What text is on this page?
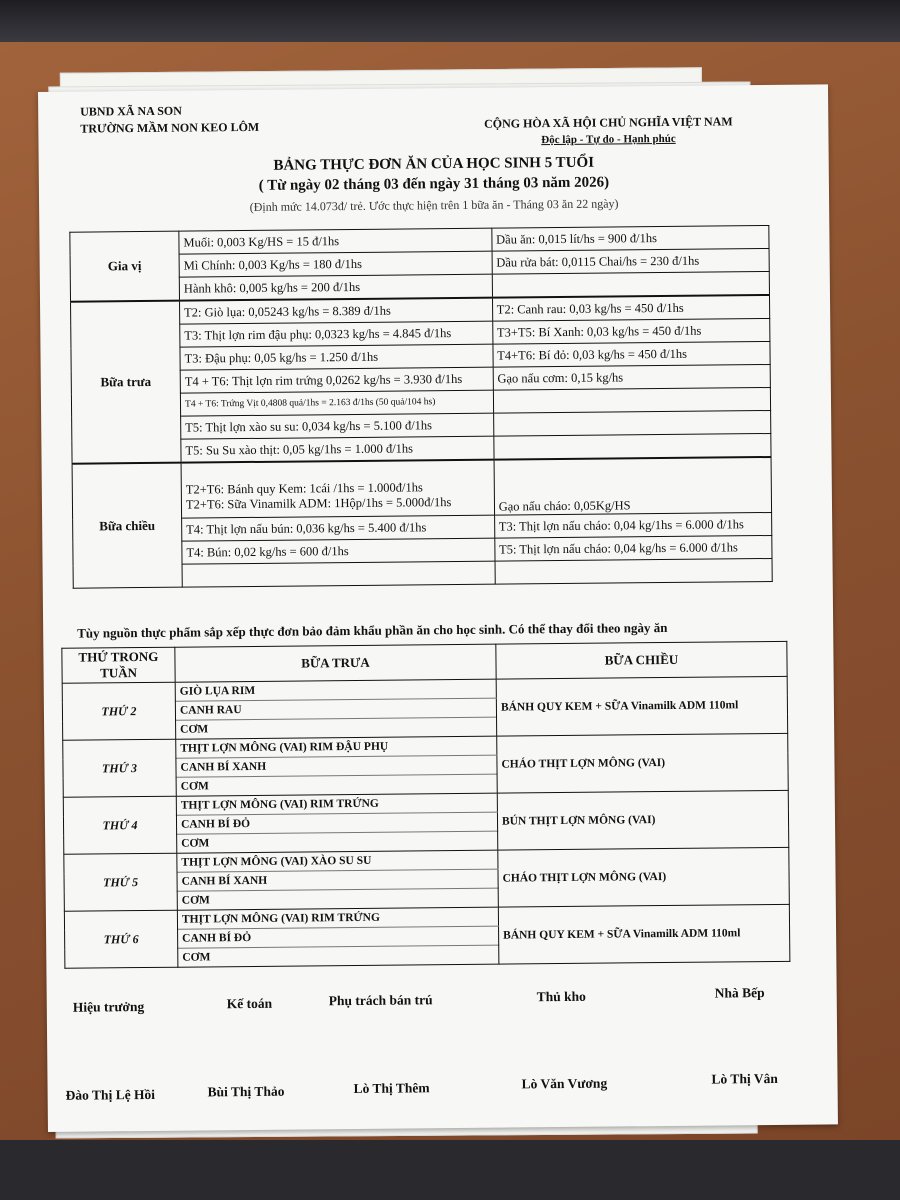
UBND XÃ NA SON
TRƯỜNG MẦM NON KEO LÔM	CỘNG HÒA XÃ HỘI CHỦ NGHĨA VIỆT NAM
Độc lập - Tự do - Hạnh phúc
BẢNG THỰC ĐƠN ĂN CỦA HỌC SINH 5 TUỔI
( Từ ngày 02 tháng 03 đến ngày 31 tháng 03 năm 2026)
(Định mức 14.073đ/ trẻ. Ước thực hiện trên 1 bữa ăn - Tháng 03 ăn 22 ngày)
Gia vị	Muối: 0,003 Kg/HS = 15 đ/1hs	Dầu ăn: 0,015 lít/hs = 900 đ/1hs
	Mì Chính: 0,003 Kg/hs = 180 đ/1hs	Dầu rửa bát: 0,0115 Chai/hs = 230 đ/1hs
	Hành khô: 0,005 kg/hs = 200 đ/1hs	
Bữa trưa	T2: Giò lụa: 0,05243 kg/hs = 8.389 đ/1hs	T2: Canh rau: 0,03 kg/hs = 450 đ/1hs
	T3: Thịt lợn rim đậu phụ: 0,0323 kg/hs = 4.845 đ/1hs	T3+T5: Bí Xanh: 0,03 kg/hs = 450 đ/1hs
	T3: Đậu phụ: 0,05 kg/hs = 1.250 đ/1hs	T4+T6: Bí đỏ: 0,03 kg/hs = 450 đ/1hs
	T4 + T6: Thịt lợn rim trứng 0,0262 kg/hs = 3.930 đ/1hs	Gạo nấu cơm: 0,15 kg/hs
	T4 + T6: Trứng Vịt 0,4808 quả/1hs = 2.163 đ/1hs (50 quả/104 hs)	
	T5: Thịt lợn xào su su: 0,034 kg/hs = 5.100 đ/1hs	
	T5: Su Su xào thịt: 0,05 kg/1hs = 1.000 đ/1hs	
Bữa chiều	T2+T6: Bánh quy Kem: 1cái /1hs = 1.000đ/1hs
T2+T6: Sữa Vinamilk ADM: 1Hộp/1hs = 5.000đ/1hs	Gạo nấu cháo: 0,05Kg/HS
	T4: Thịt lợn nấu bún: 0,036 kg/hs = 5.400 đ/1hs	T3: Thịt lợn nấu cháo: 0,04 kg/1hs = 6.000 đ/1hs
	T4: Bún: 0,02 kg/hs = 600 đ/1hs	T5: Thịt lợn nấu cháo: 0,04 kg/hs = 6.000 đ/1hs

Tùy nguồn thực phẩm sắp xếp thực đơn bảo đảm khẩu phần ăn cho học sinh. Có thể thay đổi theo ngày ăn
THỨ TRONG TUẦN	BỮA TRƯA	BỮA CHIỀU
THỨ 2	GIÒ LỤA RIM	BÁNH QUY KEM + SỮA Vinamilk ADM 110ml
	CANH RAU	
	CƠM	
THỨ 3	THỊT LỢN MÔNG (VAI) RIM ĐẬU PHỤ	CHÁO THỊT LỢN MÔNG (VAI)
	CANH BÍ XANH	
	CƠM	
THỨ 4	THỊT LỢN MÔNG (VAI) RIM TRỨNG	BÚN THỊT LỢN MÔNG (VAI)
	CANH BÍ ĐỎ	
	CƠM	
THỨ 5	THỊT LỢN MÔNG (VAI) XÀO SU SU	CHÁO THỊT LỢN MÔNG (VAI)
	CANH BÍ XANH	
	CƠM	
THỨ 6	THỊT LỢN MÔNG (VAI) RIM TRỨNG	BÁNH QUY KEM + SỮA Vinamilk ADM 110ml
	CANH BÍ ĐỎ	
	CƠM	
Hiệu trưởng	Kế toán	Phụ trách bán trú	Thủ kho	Nhà Bếp
Đào Thị Lệ Hồi	Bùi Thị Thảo	Lò Thị Thêm	Lò Văn Vương	Lò Thị Vân
